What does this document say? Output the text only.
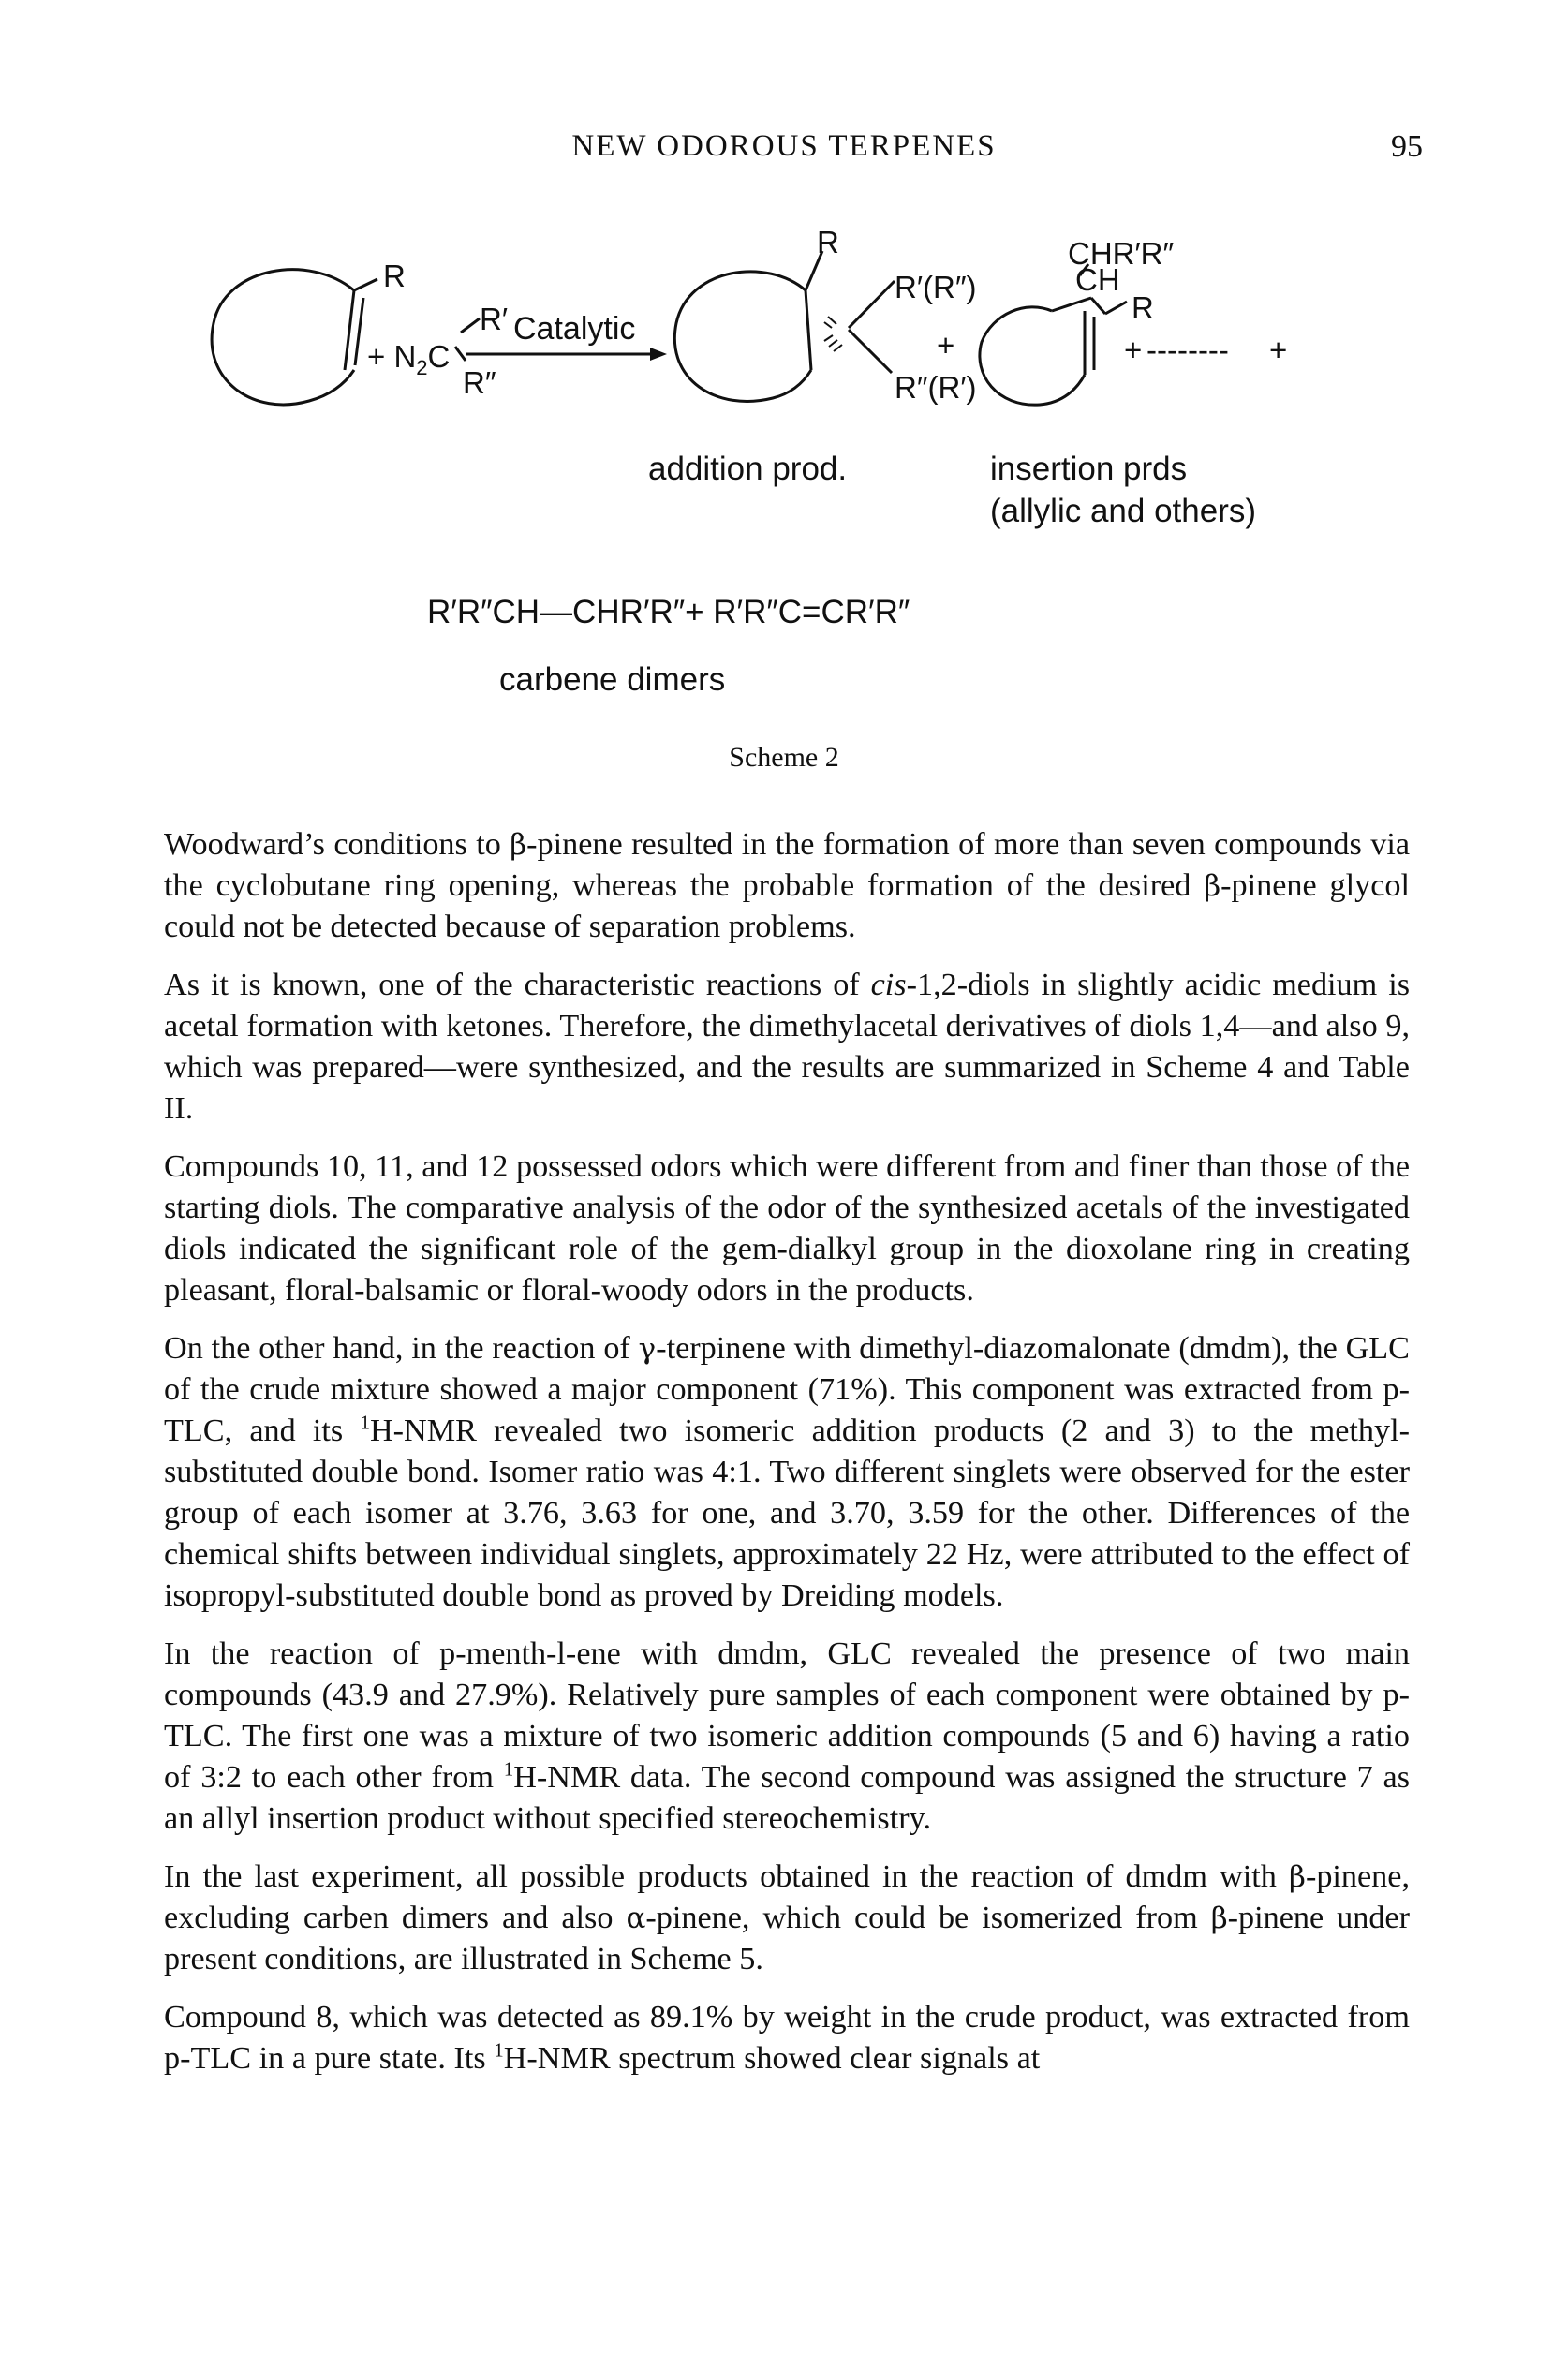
NEW ODOROUS TERPENES	95
R
+ $N_2C$
R′
R″
Catalytic
R
R′(R″)
R″(R′)
+
CHR′R″
CH
R
+ -------- +
addition prod.	insertion prds
(allylic and others)
R′R″CH—CHR′R″+ R′R″C=CR′R″
carbene dimers
Scheme 2

Woodward’s conditions to β-pinene resulted in the formation of more than seven compounds via the cyclobutane ring opening, whereas the probable formation of the desired β-pinene glycol could not be detected because of separation problems.

As it is known, one of the characteristic reactions of cis-1,2-diols in slightly acidic medium is acetal formation with ketones. Therefore, the dimethylacetal derivatives of diols 1,4—and also 9, which was prepared—were synthesized, and the results are summarized in Scheme 4 and Table II.

Compounds 10, 11, and 12 possessed odors which were different from and finer than those of the starting diols. The comparative analysis of the odor of the synthesized acetals of the investigated diols indicated the significant role of the gem-dialkyl group in the dioxolane ring in creating pleasant, floral-balsamic or floral-woody odors in the products.

On the other hand, in the reaction of γ-terpinene with dimethyl-diazomalonate (dmdm), the GLC of the crude mixture showed a major component (71%). This component was extracted from p-TLC, and its $^1$H-NMR revealed two isomeric addition products (2 and 3) to the methyl-substituted double bond. Isomer ratio was 4:1. Two different singlets were observed for the ester group of each isomer at 3.76, 3.63 for one, and 3.70, 3.59 for the other. Differences of the chemical shifts between individual singlets, approximately 22 Hz, were attributed to the effect of isopropyl-substituted double bond as proved by Dreiding models.

In the reaction of p-menth-l-ene with dmdm, GLC revealed the presence of two main compounds (43.9 and 27.9%). Relatively pure samples of each component were obtained by p-TLC. The first one was a mixture of two isomeric addition compounds (5 and 6) having a ratio of 3:2 to each other from $^1$H-NMR data. The second compound was assigned the structure 7 as an allyl insertion product without specified stereochemistry.

In the last experiment, all possible products obtained in the reaction of dmdm with β-pinene, excluding carben dimers and also α-pinene, which could be isomerized from β-pinene under present conditions, are illustrated in Scheme 5.

Compound 8, which was detected as 89.1% by weight in the crude product, was extracted from p-TLC in a pure state. Its $^1$H-NMR spectrum showed clear signals at
